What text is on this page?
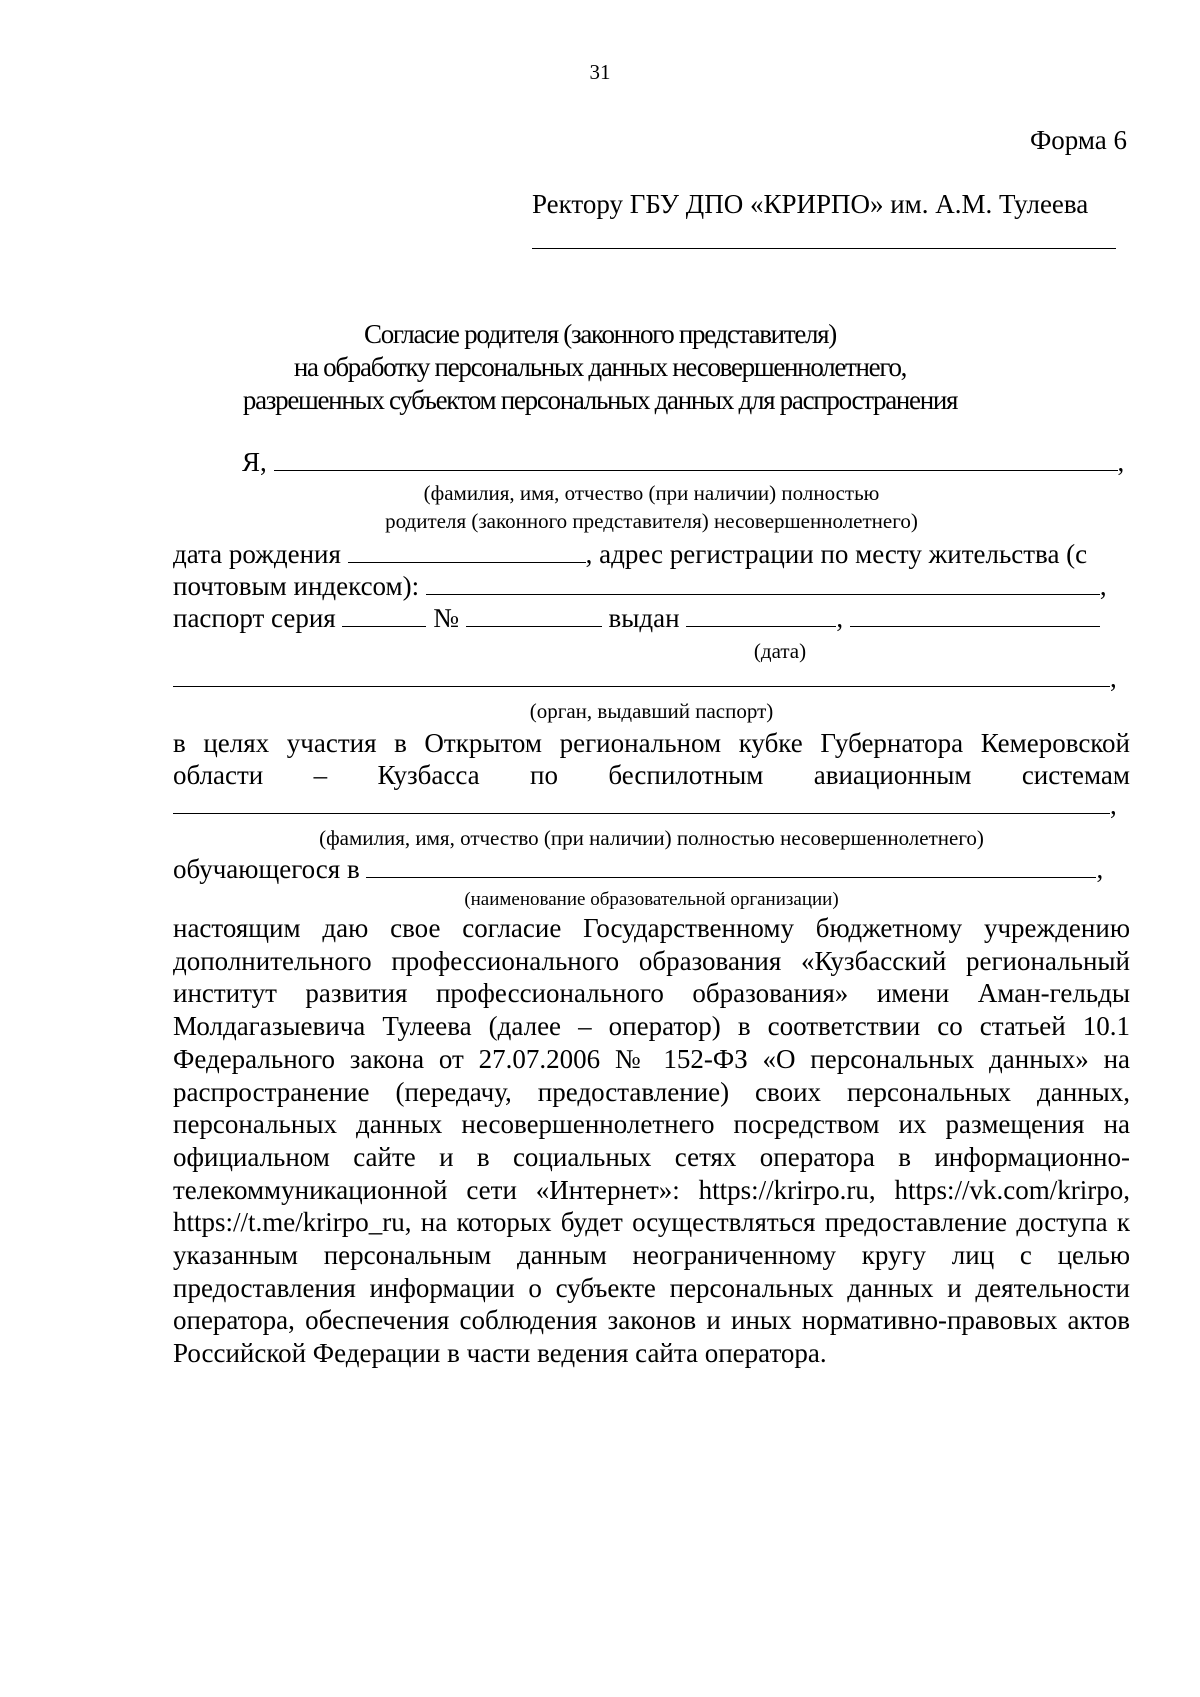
31
Форма 6
Ректору ГБУ ДПО «КРИРПО» им. А.М. Тулеева
Согласие родителя (законного представителя)
на обработку персональных данных несовершеннолетнего,
разрешенных субъектом персональных данных для распространения
Я,	,
(фамилия, имя, отчество (при наличии) полностью
родителя (законного представителя) несовершеннолетнего)
дата рождения	, адрес регистрации по месту жительства (с
почтовым индексом):	,
паспорт серия	№	выдан	,
(дата)
,
(орган, выдавший паспорт)
в целях участия в Открытом региональном кубке Губернатора Кемеровской
области – Кузбасса по беспилотным авиационным системам
,
(фамилия, имя, отчество (при наличии) полностью несовершеннолетнего)
обучающегося в	,
(наименование образовательной организации)
настоящим даю свое согласие Государственному бюджетному учреждению дополнительного профессионального образования «Кузбасский региональный институт развития профессионального образования» имени Аман-гельды Молдагазыевича Тулеева (далее – оператор) в соответствии со статьей 10.1 Федерального закона от 27.07.2006 № 152-ФЗ «О персональных данных» на распространение (передачу, предоставление) своих персональных данных, персональных данных несовершеннолетнего посредством их размещения на официальном сайте и в социальных сетях оператора в информационно-телекоммуникационной сети «Интернет»: https://krirpo.ru, https://vk.com/krirpo, https://t.me/krirpo_ru, на которых будет осуществляться предоставление доступа к указанным персональным данным неограниченному кругу лиц с целью предоставления информации о субъекте персональных данных и деятельности оператора, обеспечения соблюдения законов и иных нормативно-правовых актов Российской Федерации в части ведения сайта оператора.
